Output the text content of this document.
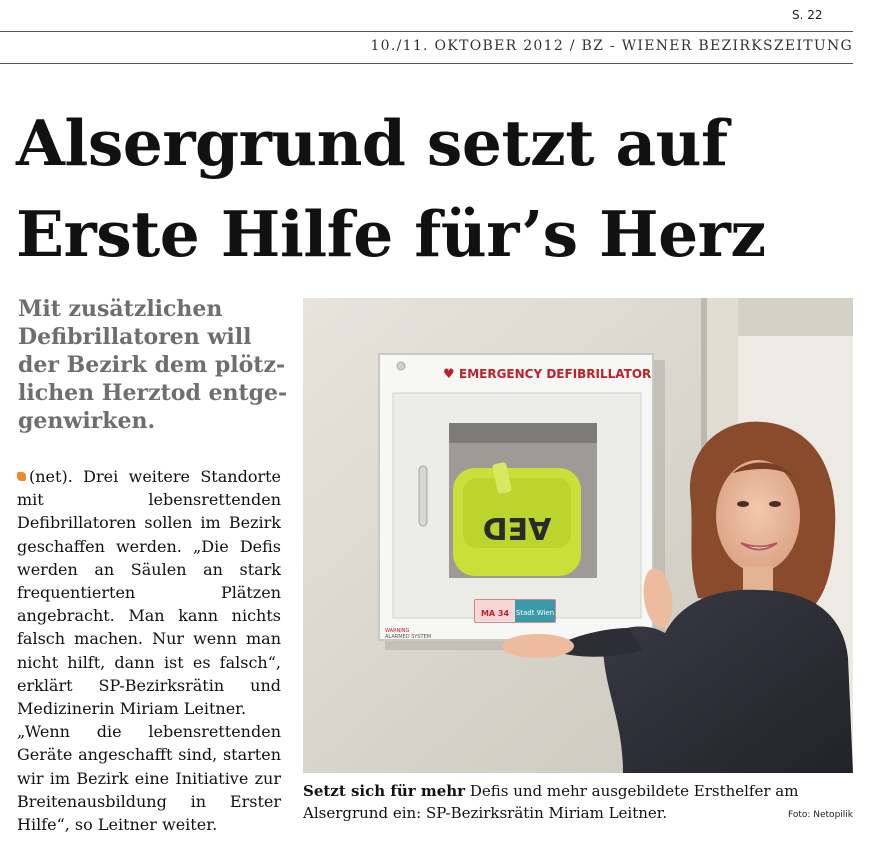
S. 22
10./11. OKTOBER 2012 / BZ - WIENER BEZIRKSZEITUNG
Alsergrund setzt auf
Erste Hilfe für’s Herz
Mit zusätzlichen
Defibrillatoren will
der Bezirk dem plötz-
lichen Herztod entge-
genwirken.

(net). Drei weitere Standorte mit lebensrettenden Defibrillatoren sollen im Bezirk geschaffen werden. „Die Defis werden an Säulen an stark frequentierten Plätzen angebracht. Man kann nichts falsch machen. Nur wenn man nicht hilft, dann ist es falsch“, erklärt SP-Bezirksrätin und Medizinerin Miriam Leitner.

„Wenn die lebensrettenden Geräte angeschafft sind, starten wir im Bezirk eine Initiative zur Breitenausbildung in Erster Hilfe“, so Leitner weiter.

♥ EMERGENCY DEFIBRILLATOR
AED
MA 34 Stadt Wien
WARNING
ALARMED SYSTEM
Setzt sich für mehr Defis und mehr ausgebildete Ersthelfer am Alsergrund ein: SP-Bezirksrätin Miriam Leitner.	Foto: Netopilik
